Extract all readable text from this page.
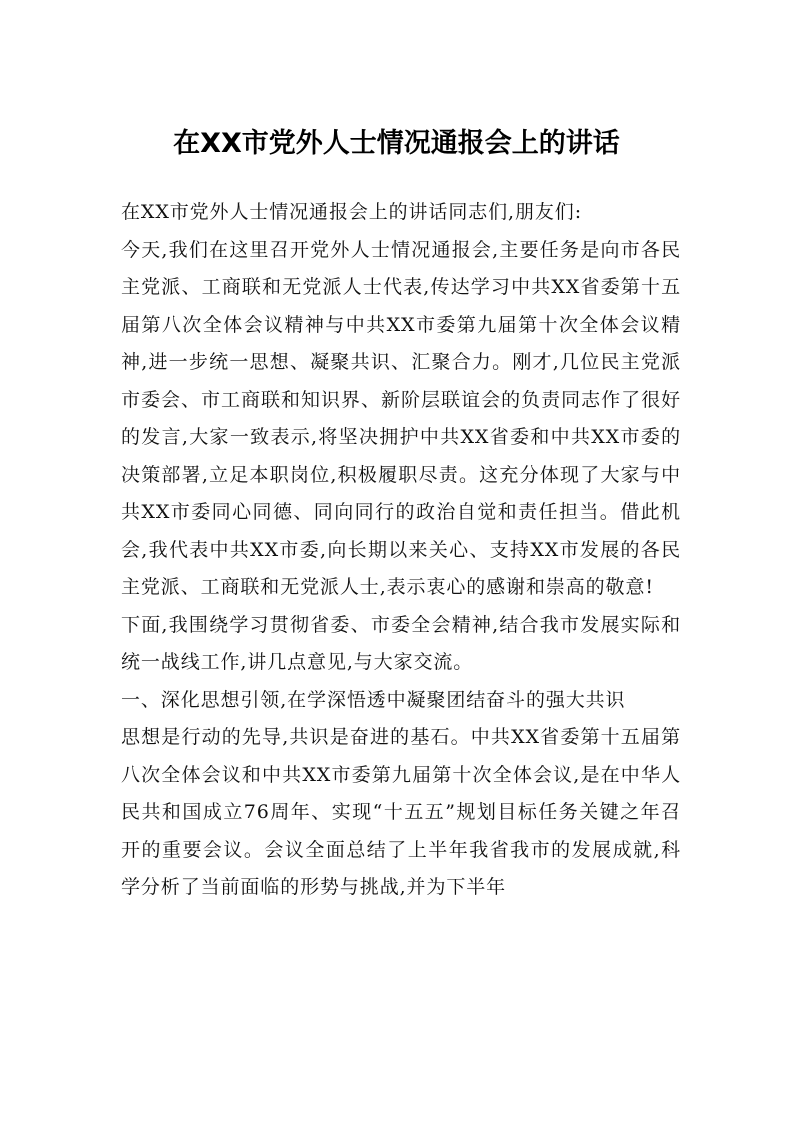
在XX市党外人士情况通报会上的讲话

在XX市党外人士情况通报会上的讲话同志们,朋友们:

今天,我们在这里召开党外人士情况通报会,主要任务是向市各民主党派、工商联和无党派人士代表,传达学习中共XX省委第十五届第八次全体会议精神与中共XX市委第九届第十次全体会议精神,进一步统一思想、凝聚共识、汇聚合力。刚才,几位民主党派市委会、市工商联和知识界、新阶层联谊会的负责同志作了很好的发言,大家一致表示,将坚决拥护中共XX省委和中共XX市委的决策部署,立足本职岗位,积极履职尽责。这充分体现了大家与中共XX市委同心同德、同向同行的政治自觉和责任担当。借此机会,我代表中共XX市委,向长期以来关心、支持XX市发展的各民主党派、工商联和无党派人士,表示衷心的感谢和崇高的敬意!

下面,我围绕学习贯彻省委、市委全会精神,结合我市发展实际和统一战线工作,讲几点意见,与大家交流。

一、深化思想引领,在学深悟透中凝聚团结奋斗的强大共识

思想是行动的先导,共识是奋进的基石。中共XX省委第十五届第八次全体会议和中共XX市委第九届第十次全体会议,是在中华人民共和国成立76周年、实现“十五五”规划目标任务关键之年召开的重要会议。会议全面总结了上半年我省我市的发展成就,科学分析了当前面临的形势与挑战,并为下半年
